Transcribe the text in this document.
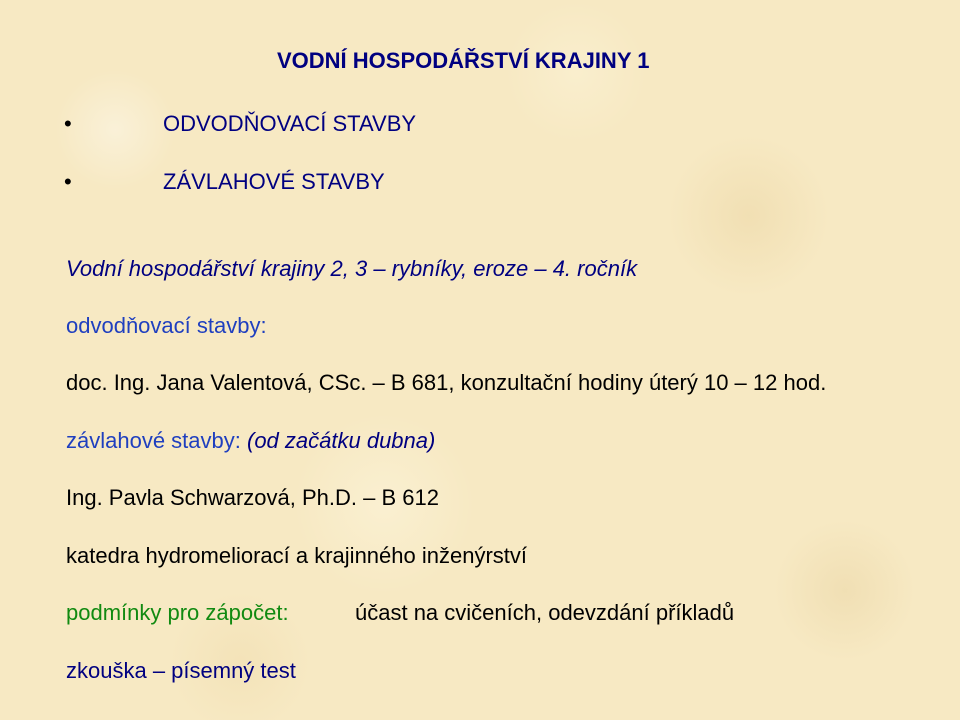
VODNÍ HOSPODÁŘSTVÍ KRAJINY 1
•	ODVODŇOVACÍ STAVBY
•	ZÁVLAHOVÉ STAVBY
Vodní hospodářství krajiny 2, 3 – rybníky, eroze – 4. ročník
odvodňovací stavby:
doc. Ing. Jana Valentová, CSc. – B 681, konzultační hodiny úterý 10 – 12 hod.
závlahové stavby: (od začátku dubna)
Ing. Pavla Schwarzová, Ph.D. – B 612
katedra hydromeliorací a krajinného inženýrství
podmínky pro zápočet:	účast na cvičeních, odevzdání příkladů
zkouška – písemný test
